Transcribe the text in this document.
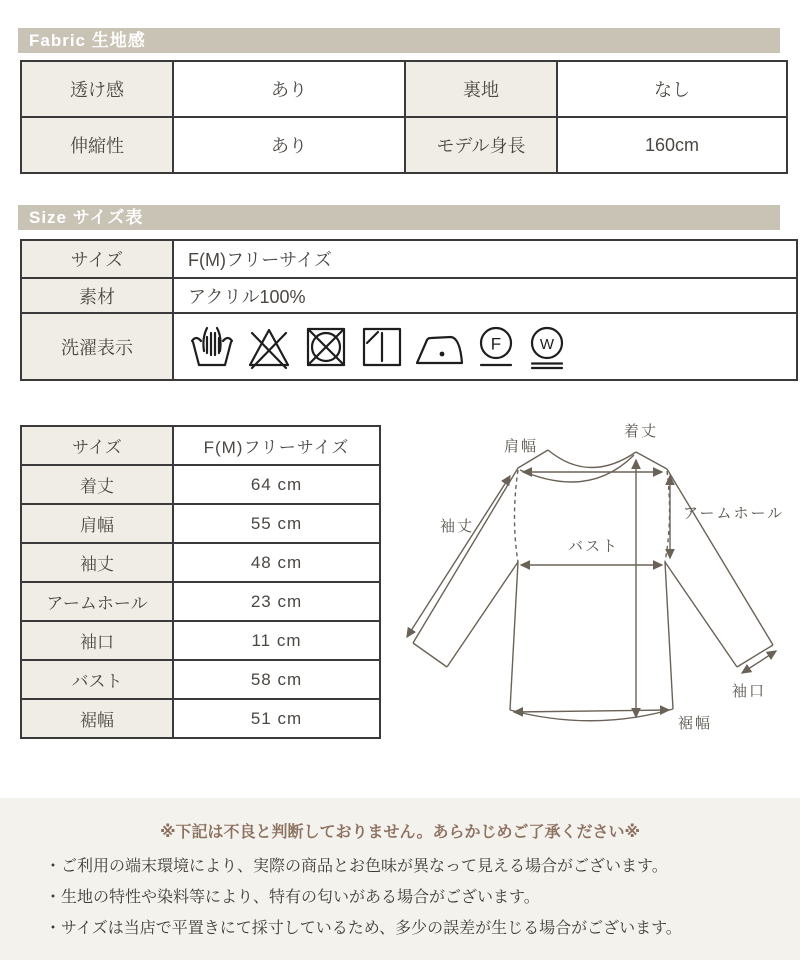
Fabric 生地感
透け感	あり	裏地	なし
伸縮性	あり	モデル身長	160cm
Size サイズ表
サイズ	F(M)フリーサイズ
素材	アクリル100%
洗濯表示	F W
サイズ	F(M)フリーサイズ
着丈	64 cm
肩幅	55 cm
袖丈	48 cm
アームホール	23 cm
袖口	11 cm
バスト	58 cm
裾幅	51 cm
肩幅
着丈
袖丈
バスト
アームホール
袖口
裾幅
※下記は不良と判断しておりません。あらかじめご了承ください※
・ご利用の端末環境により、実際の商品とお色味が異なって見える場合がございます。
・生地の特性や染料等により、特有の匂いがある場合がございます。
・サイズは当店で平置きにて採寸しているため、多少の誤差が生じる場合がございます。
